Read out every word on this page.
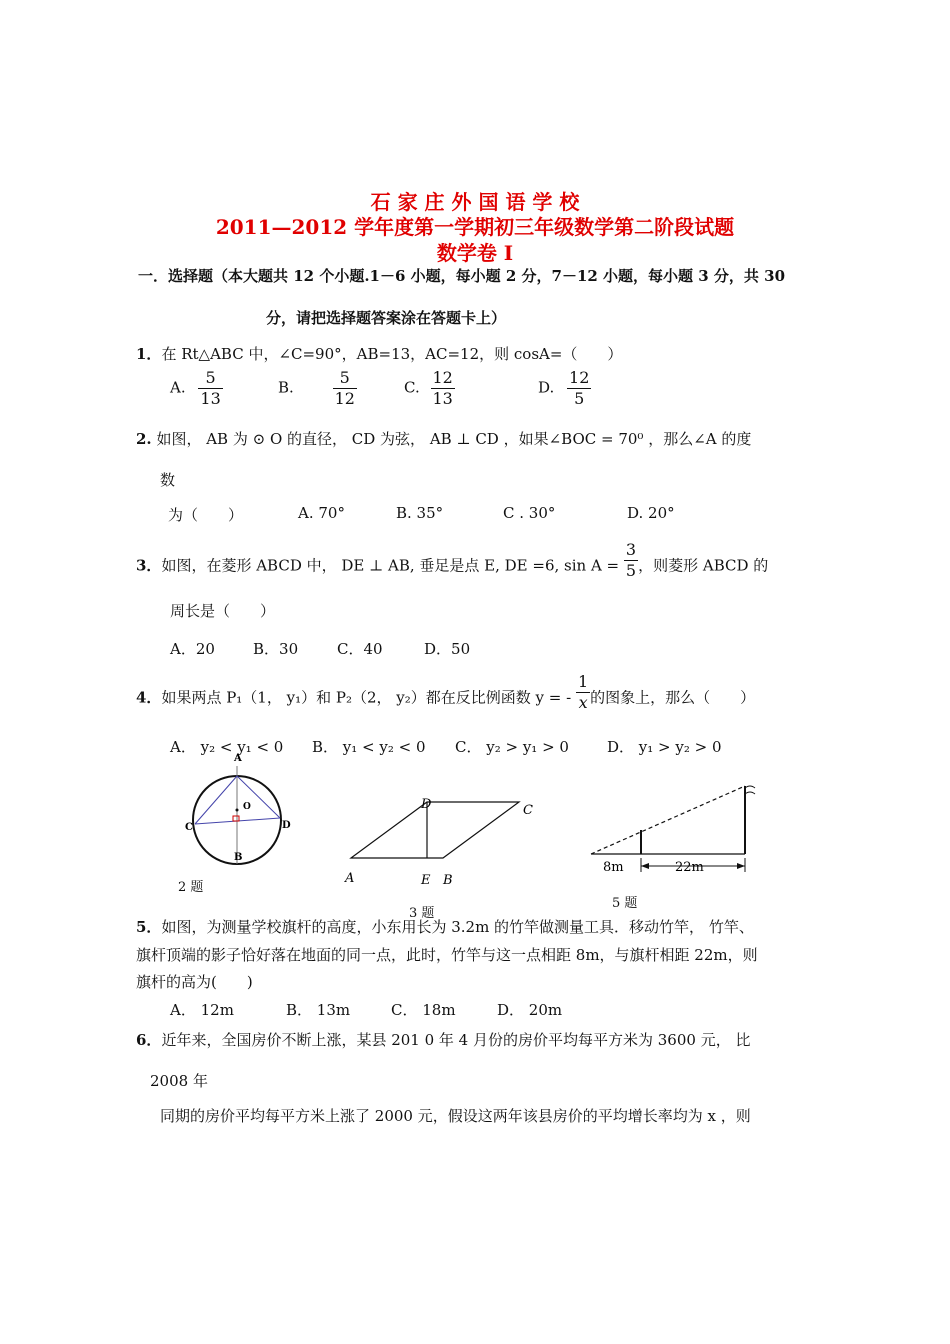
石 家 庄 外 国 语 学 校
2011—2012 学年度第一学期初三年级数学第二阶段试题
数学卷 I
一．选择题（本大题共 12 个小题.1－6 小题，每小题 2 分，7－12 小题，每小题 3 分，共 30
分，请把选择题答案涂在答题卡上）
1．在 Rt△ABC 中，∠C=90°，AB=13，AC=12，则 cosA=（　　）
A. $\frac{5}{13}$	B. $\frac{5}{12}$	C. $\frac{12}{13}$	D. $\frac{12}{5}$
2. 如图， AB 为 ⊙ O 的直径， CD 为弦， AB ⊥ CD ，如果∠BOC = 70⁰ ，那么∠A 的度
数
为（　　）	A. 70°	B. 35°	C . 30°	D. 20°
3．如图，在菱形 ABCD 中， DE ⊥ AB, 垂足是点 E, DE =6, $\sin A = \frac{3}{5}$ ，则菱形 ABCD 的
周长是（　　）
A．20	B．30	C．40	D．50
4．如果两点 P₁（1， y₁）和 P₂（2， y₂）都在反比例函数 y = - $\frac{1}{x}$ 的图象上，那么（　　）
A． y₂ < y₁ < 0 B． y₁ < y₂ < 0 C． y₂ > y₁ > 0	D． y₁ > y₂ > 0
A
O
C	D
B
2 题
D	C
A	E B
3 题
8m	22m
5 题
5．如图，为测量学校旗杆的高度，小东用长为 3.2m 的竹竿做测量工具．移动竹竿， 竹竿、
旗杆顶端的影子恰好落在地面的同一点，此时，竹竿与这一点相距 8m，与旗杆相距 22m，则
旗杆的高为(　　)
A． 12m	B． 13m	C． 18m	D． 20m
6．近年来，全国房价不断上涨，某县 201 0 年 4 月份的房价平均每平方米为 3600 元， 比
2008 年
同期的房价平均每平方米上涨了 2000 元，假设这两年该县房价的平均增长率均为 x ，则
